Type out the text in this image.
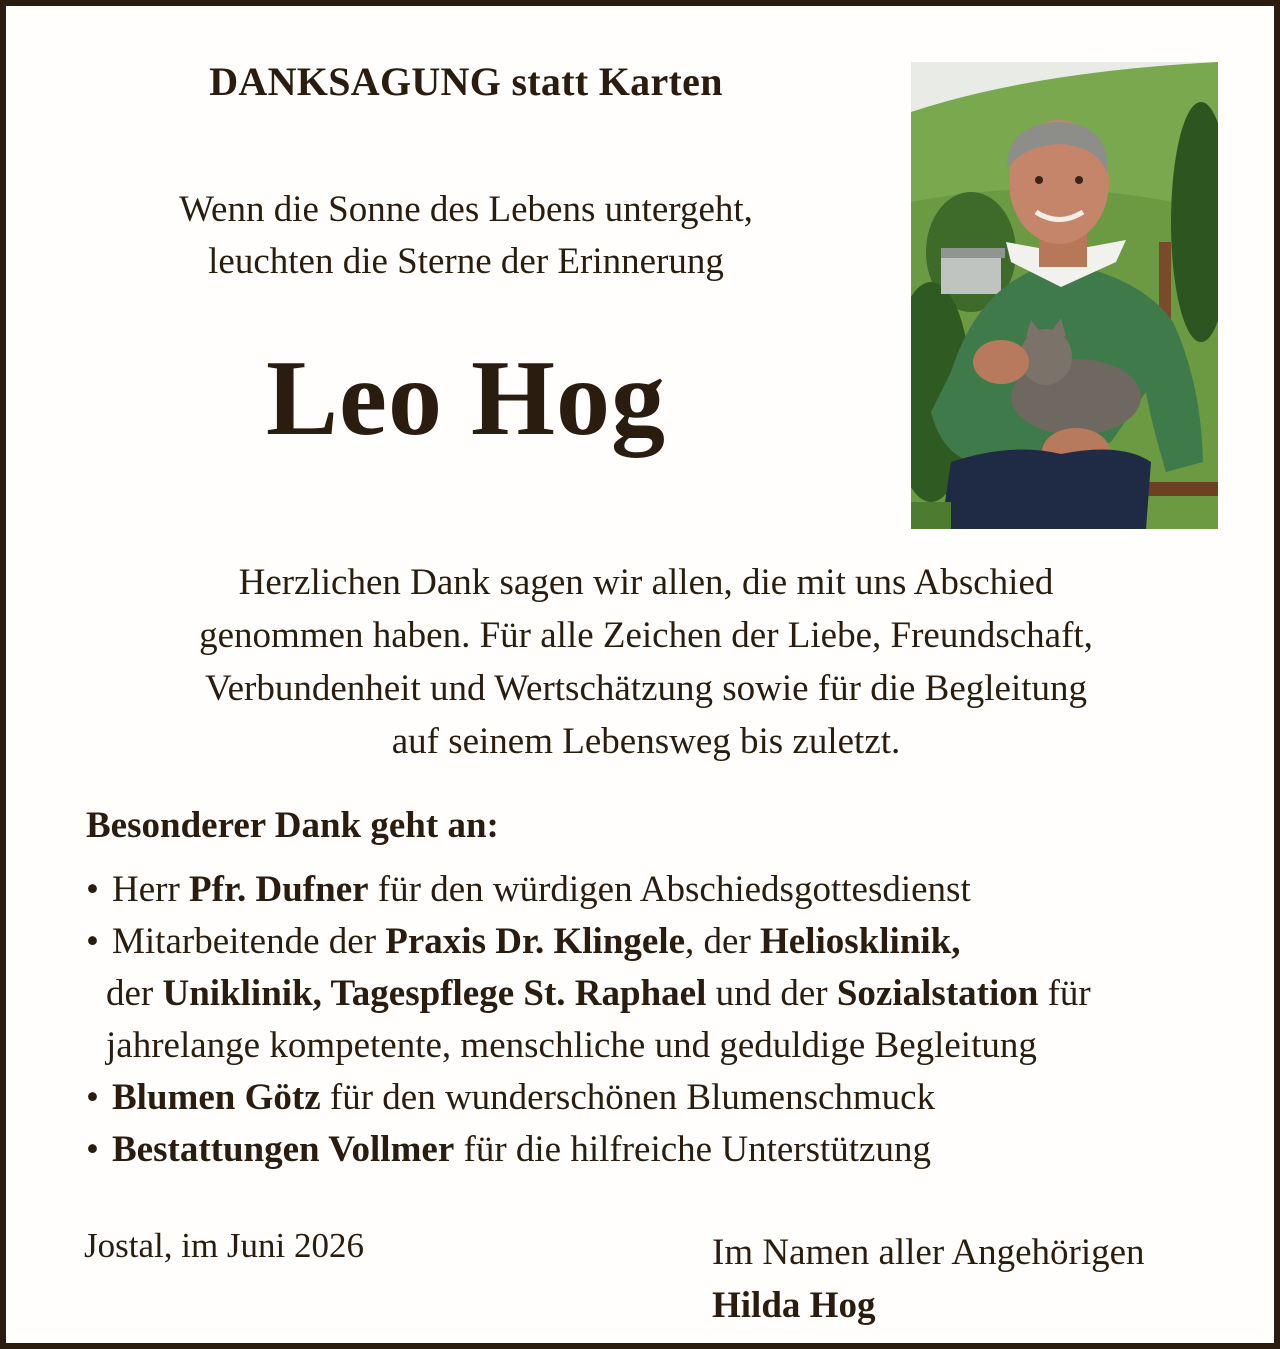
DANKSAGUNG statt Karten
Wenn die Sonne des Lebens untergeht,
leuchten die Sterne der Erinnerung
Leo Hog
Herzlichen Dank sagen wir allen, die mit uns Abschied
genommen haben. Für alle Zeichen der Liebe, Freundschaft,
Verbundenheit und Wertschätzung sowie für die Begleitung
auf seinem Lebensweg bis zuletzt.
Besonderer Dank geht an:
• Herr Pfr. Dufner für den würdigen Abschiedsgottesdienst
• Mitarbeitende der Praxis Dr. Klingele, der Heliosklinik,
der Uniklinik, Tagespflege St. Raphael und der Sozialstation für
jahrelange kompetente, menschliche und geduldige Begleitung
• Blumen Götz für den wunderschönen Blumenschmuck
• Bestattungen Vollmer für die hilfreiche Unterstützung
Jostal, im Juni 2026	Im Namen aller Angehörigen
Hilda Hog
